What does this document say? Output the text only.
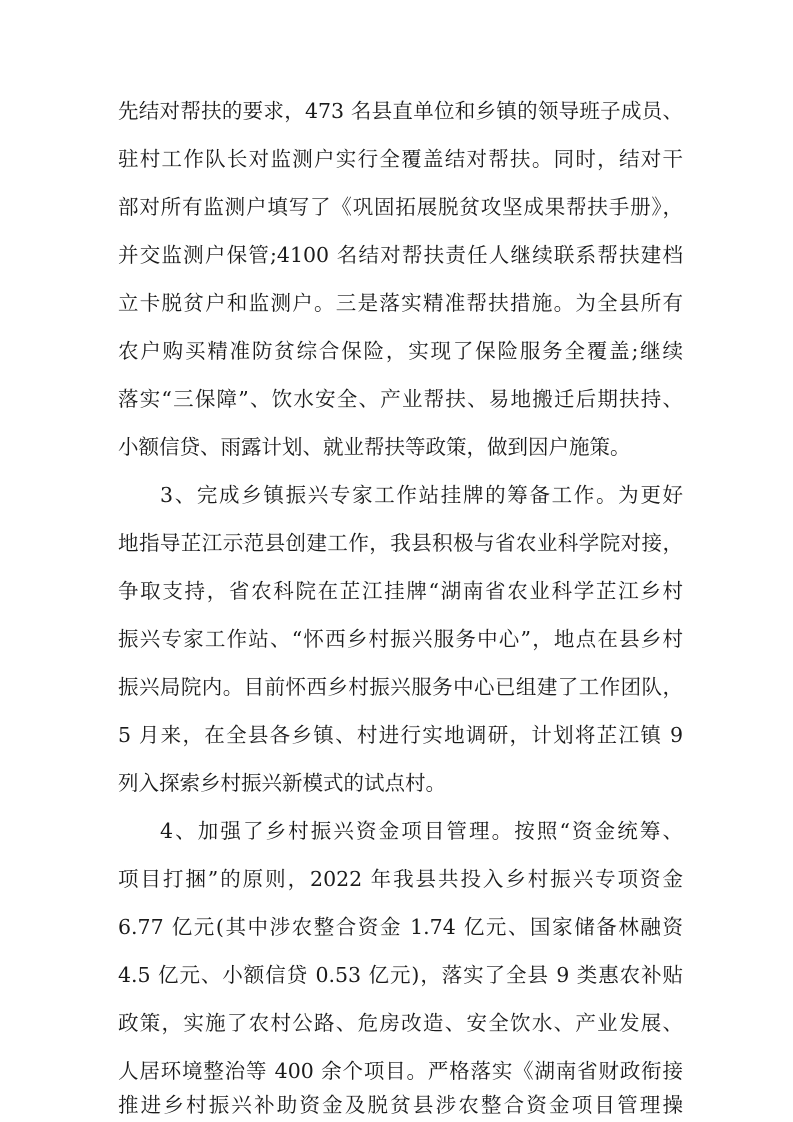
先结对帮扶的要求，473 名县直单位和乡镇的领导班子成员、
驻村工作队长对监测户实行全覆盖结对帮扶。同时，结对干
部对所有监测户填写了《巩固拓展脱贫攻坚成果帮扶手册》，
并交监测户保管;4100 名结对帮扶责任人继续联系帮扶建档
立卡脱贫户和监测户。三是落实精准帮扶措施。为全县所有
农户购买精准防贫综合保险，实现了保险服务全覆盖;继续
落实“三保障”、饮水安全、产业帮扶、易地搬迁后期扶持、
小额信贷、雨露计划、就业帮扶等政策，做到因户施策。
3、完成乡镇振兴专家工作站挂牌的筹备工作。为更好
地指导芷江示范县创建工作，我县积极与省农业科学院对接，
争取支持，省农科院在芷江挂牌“湖南省农业科学芷江乡村
振兴专家工作站、“怀西乡村振兴服务中心”，地点在县乡村
振兴局院内。目前怀西乡村振兴服务中心已组建了工作团队，
5 月来，在全县各乡镇、村进行实地调研，计划将芷江镇 9
列入探索乡村振兴新模式的试点村。
4、加强了乡村振兴资金项目管理。按照“资金统筹、
项目打捆”的原则，2022 年我县共投入乡村振兴专项资金
6.77 亿元(其中涉农整合资金 1.74 亿元、国家储备林融资
4.5 亿元、小额信贷 0.53 亿元)，落实了全县 9 类惠农补贴
政策，实施了农村公路、危房改造、安全饮水、产业发展、
人居环境整治等 400 余个项目。严格落实《湖南省财政衔接
推进乡村振兴补助资金及脱贫县涉农整合资金项目管理操
